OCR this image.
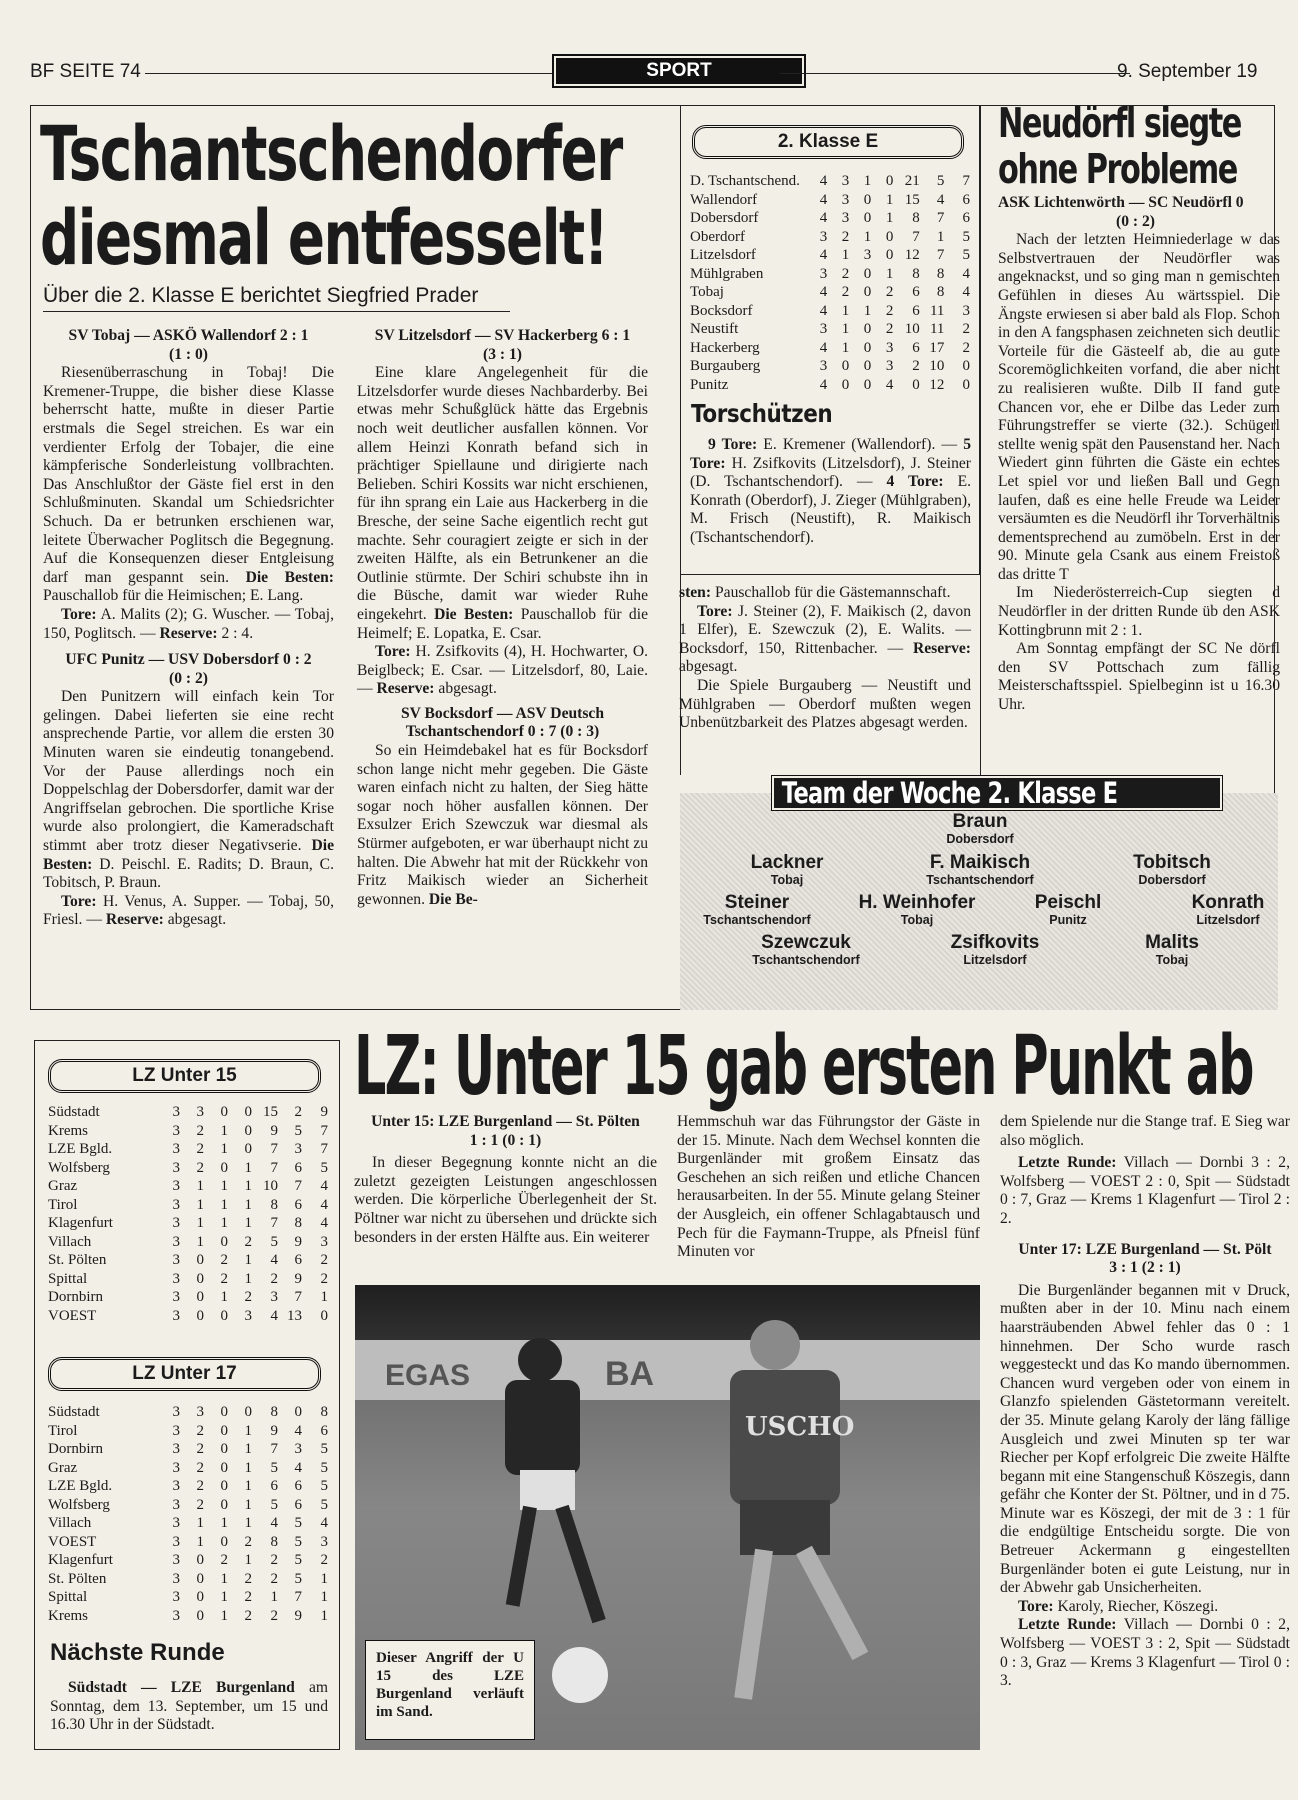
BF SEITE 74	SPORT	9. September 19
Tschantschendorfer
diesmal entfesselt!
Über die 2. Klasse E berichtet Siegfried Prader
SV Tobaj — ASKÖ Wallendorf 2 : 1
(1 : 0)

Riesenüberraschung in Tobaj! Die Kremener-Truppe, die bisher diese Klasse beherrscht hatte, mußte in dieser Partie erstmals die Segel streichen. Es war ein verdienter Erfolg der Tobajer, die eine kämpferische Sonderleistung vollbrachten. Das Anschlußtor der Gäste fiel erst in den Schlußminuten. Skandal um Schiedsrichter Schuch. Da er betrunken erschienen war, leitete Überwacher Poglitsch die Begegnung. Auf die Konsequenzen dieser Entgleisung darf man gespannt sein. Die Besten: Pauschallob für die Heimischen; E. Lang.

Tore: A. Malits (2); G. Wuscher. — Tobaj, 150, Poglitsch. — Reserve: 2 : 4.

UFC Punitz — USV Dobersdorf 0 : 2
(0 : 2)

Den Punitzern will einfach kein Tor gelingen. Dabei lieferten sie eine recht ansprechende Partie, vor allem die ersten 30 Minuten waren sie eindeutig tonangebend. Vor der Pause allerdings noch ein Doppelschlag der Dobersdorfer, damit war der Angriffselan gebrochen. Die sportliche Krise wurde also prolongiert, die Kameradschaft stimmt aber trotz dieser Negativserie. Die Besten: D. Peischl. E. Radits; D. Braun, C. Tobitsch, P. Braun.

Tore: H. Venus, A. Supper. — Tobaj, 50, Friesl. — Reserve: abgesagt.

SV Litzelsdorf — SV Hackerberg 6 : 1
(3 : 1)

Eine klare Angelegenheit für die Litzelsdorfer wurde dieses Nachbarderby. Bei etwas mehr Schußglück hätte das Ergebnis noch weit deutlicher ausfallen können. Vor allem Heinzi Konrath befand sich in prächtiger Spiellaune und dirigierte nach Belieben. Schiri Kossits war nicht erschienen, für ihn sprang ein Laie aus Hackerberg in die Bresche, der seine Sache eigentlich recht gut machte. Sehr couragiert zeigte er sich in der zweiten Hälfte, als ein Betrunkener an die Outlinie stürmte. Der Schiri schubste ihn in die Büsche, damit war wieder Ruhe eingekehrt. Die Besten: Pauschallob für die Heimelf; E. Lopatka, E. Csar.

Tore: H. Zsifkovits (4), H. Hochwarter, O. Beiglbeck; E. Csar. — Litzelsdorf, 80, Laie. — Reserve: abgesagt.

SV Bocksdorf — ASV Deutsch
Tschantschendorf 0 : 7 (0 : 3)

So ein Heimdebakel hat es für Bocksdorf schon lange nicht mehr gegeben. Die Gäste waren einfach nicht zu halten, der Sieg hätte sogar noch höher ausfallen können. Der Exsulzer Erich Szewczuk war diesmal als Stürmer aufgeboten, er war überhaupt nicht zu halten. Die Abwehr hat mit der Rückkehr von Fritz Maikisch wieder an Sicherheit gewonnen. Die Be-

2. Klasse E
D. Tschantschend.	4	3	1	0	21	5	7
Wallendorf	4	3	0	1	15	4	6
Dobersdorf	4	3	0	1	8	7	6
Oberdorf	3	2	1	0	7	1	5
Litzelsdorf	4	1	3	0	12	7	5
Mühlgraben	3	2	0	1	8	8	4
Tobaj	4	2	0	2	6	8	4
Bocksdorf	4	1	1	2	6	11	3
Neustift	3	1	0	2	10	11	2
Hackerberg	4	1	0	3	6	17	2
Burgauberg	3	0	0	3	2	10	0
Punitz	4	0	0	4	0	12	0
Torschützen

9 Tore: E. Kremener (Wallendorf). — 5 Tore: H. Zsifkovits (Litzelsdorf), J. Steiner (D. Tschantschendorf). — 4 Tore: E. Konrath (Oberdorf), J. Zieger (Mühlgraben), M. Frisch (Neustift), R. Maikisch (Tschantschendorf).

sten: Pauschallob für die Gästemannschaft.

Tore: J. Steiner (2), F. Maikisch (2, davon 1 Elfer), E. Szewczuk (2), E. Walits. — Bocksdorf, 150, Rittenbacher. — Reserve: abgesagt.

Die Spiele Burgauberg — Neustift und Mühlgraben — Oberdorf mußten wegen Unbenützbarkeit des Platzes abgesagt werden.

Neudörfl siegte
ohne Probleme
ASK Lichtenwörth — SC Neudörfl 0
(0 : 2)

Nach der letzten Heimniederlage w das Selbstvertrauen der Neudörfler was angeknackst, und so ging man n gemischten Gefühlen in dieses Au wärtsspiel. Die Ängste erwiesen si aber bald als Flop. Schon in den A fangsphasen zeichneten sich deutlic Vorteile für die Gästeelf ab, die au gute Scoremöglichkeiten vorfand, die aber nicht zu realisieren wußte. Dilb II fand gute Chancen vor, ehe er Dilbe das Leder zum Führungstreffer se vierte (32.). Schügerl stellte wenig spät den Pausenstand her. Nach Wiedert ginn führten die Gäste ein echtes Let spiel vor und ließen Ball und Gegn laufen, daß es eine helle Freude wa Leider versäumten es die Neudörfl ihr Torverhältnis dementsprechend au zumöbeln. Erst in der 90. Minute gela Csank aus einem Freistoß das dritte T

Im Niederösterreich-Cup siegten d Neudörfler in der dritten Runde üb den ASK Kottingbrunn mit 2 : 1.

Am Sonntag empfängt der SC Ne dörfl den SV Pottschach zum fällig Meisterschaftsspiel. Spielbeginn ist u 16.30 Uhr.

Team der Woche 2. Klasse E
Braun
Dobersdorf
Lackner
Tobaj
F. Maikisch
Tschantschendorf
Tobitsch
Dobersdorf
Steiner
Tschantschendorf
H. Weinhofer
Tobaj
Peischl
Punitz
Konrath
Litzelsdorf
Szewczuk
Tschantschendorf
Zsifkovits
Litzelsdorf
Malits
Tobaj
LZ Unter 15
Südstadt	3	3	0	0	15	2	9
Krems	3	2	1	0	9	5	7
LZE Bgld.	3	2	1	0	7	3	7
Wolfsberg	3	2	0	1	7	6	5
Graz	3	1	1	1	10	7	4
Tirol	3	1	1	1	8	6	4
Klagenfurt	3	1	1	1	7	8	4
Villach	3	1	0	2	5	9	3
St. Pölten	3	0	2	1	4	6	2
Spittal	3	0	2	1	2	9	2
Dornbirn	3	0	1	2	3	7	1
VOEST	3	0	0	3	4	13	0
LZ Unter 17
Südstadt	3	3	0	0	8	0	8
Tirol	3	2	0	1	9	4	6
Dornbirn	3	2	0	1	7	3	5
Graz	3	2	0	1	5	4	5
LZE Bgld.	3	2	0	1	6	6	5
Wolfsberg	3	2	0	1	5	6	5
Villach	3	1	1	1	4	5	4
VOEST	3	1	0	2	8	5	3
Klagenfurt	3	0	2	1	2	5	2
St. Pölten	3	0	1	2	2	5	1
Spittal	3	0	1	2	1	7	1
Krems	3	0	1	2	2	9	1
Nächste Runde

Südstadt — LZE Burgenland am Sonntag, dem 13. September, um 15 und 16.30 Uhr in der Südstadt.

LZ: Unter 15 gab ersten Punkt ab
Unter 15: LZE Burgenland — St. Pölten
1 : 1 (0 : 1)

In dieser Begegnung konnte nicht an die zuletzt gezeigten Leistungen angeschlossen werden. Die körperliche Überlegenheit der St. Pöltner war nicht zu übersehen und drückte sich besonders in der ersten Hälfte aus. Ein weiterer

Hemmschuh war das Führungstor der Gäste in der 15. Minute. Nach dem Wechsel konnten die Burgenländer mit großem Einsatz das Geschehen an sich reißen und etliche Chancen herausarbeiten. In der 55. Minute gelang Steiner der Ausgleich, ein offener Schlagabtausch und Pech für die Faymann-Truppe, als Pfneisl fünf Minuten vor

dem Spielende nur die Stange traf. E Sieg war also möglich.

Letzte Runde: Villach — Dornbi 3 : 2, Wolfsberg — VOEST 2 : 0, Spit — Südstadt 0 : 7, Graz — Krems 1 Klagenfurt — Tirol 2 : 2.

Unter 17: LZE Burgenland — St. Pölt
3 : 1 (2 : 1)

Die Burgenländer begannen mit v Druck, mußten aber in der 10. Minu nach einem haarsträubenden Abwel fehler das 0 : 1 hinnehmen. Der Scho wurde rasch weggesteckt und das Ko mando übernommen. Chancen wurd vergeben oder von einem in Glanzfo spielenden Gästetormann vereitelt. der 35. Minute gelang Karoly der läng fällige Ausgleich und zwei Minuten sp ter war Riecher per Kopf erfolgreic Die zweite Hälfte begann mit eine Stangenschuß Köszegis, dann gefähr che Konter der St. Pöltner, und in d 75. Minute war es Köszegi, der mit de 3 : 1 für die endgültige Entscheidu sorgte. Die von Betreuer Ackermann g eingestellten Burgenländer boten ei gute Leistung, nur in der Abwehr gab Unsicherheiten.

Tore: Karoly, Riecher, Köszegi.

Letzte Runde: Villach — Dornbi 0 : 2, Wolfsberg — VOEST 3 : 2, Spit — Südstadt 0 : 3, Graz — Krems 3 Klagenfurt — Tirol 0 : 3.

EGAS	BA
USCHO
Dieser Angriff der U 15 des LZE Burgenland verläuft im Sand.
